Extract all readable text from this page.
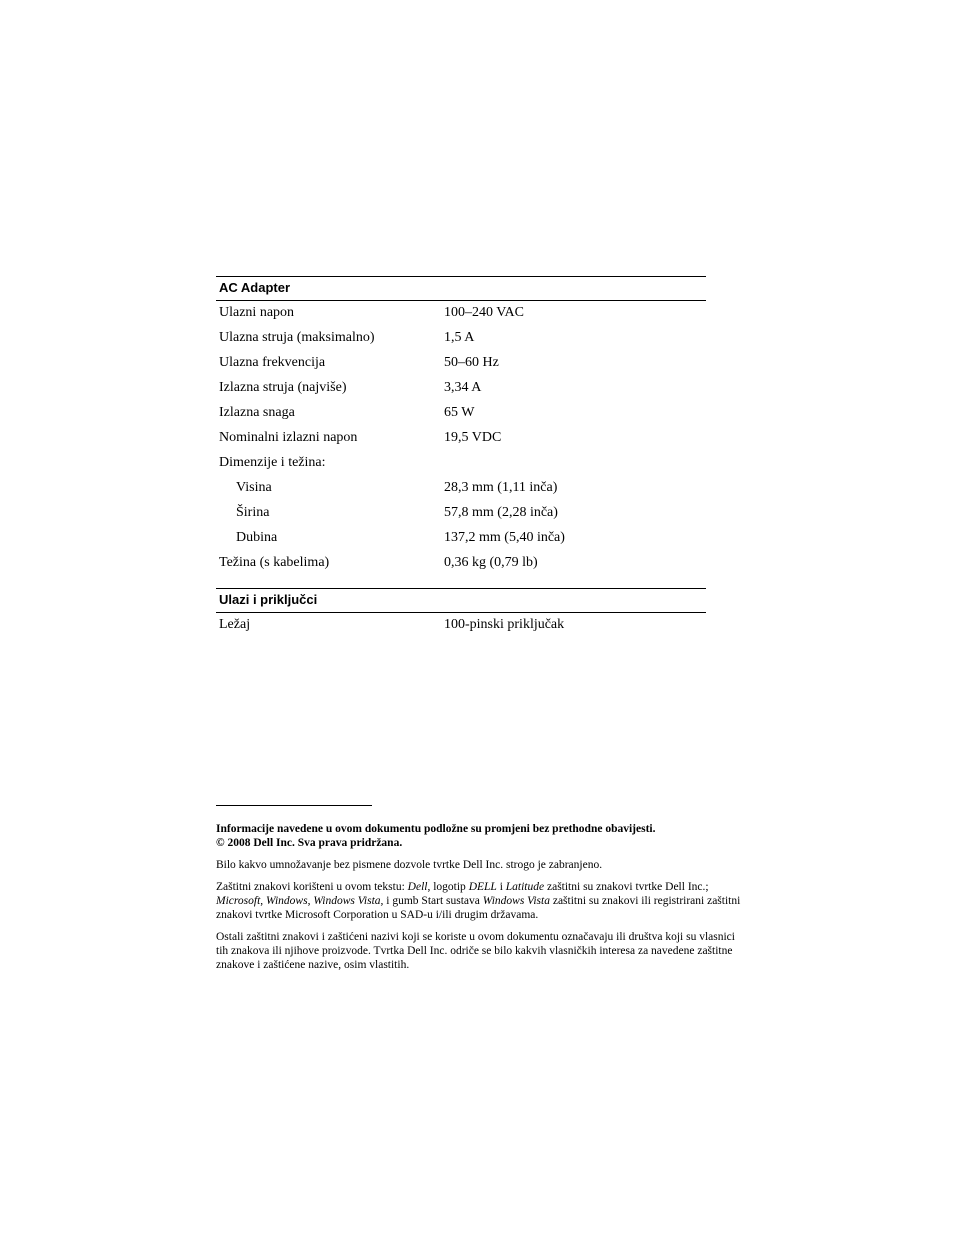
AC Adapter
Ulazni napon	100–240 VAC
Ulazna struja (maksimalno)	1,5 A
Ulazna frekvencija	50–60 Hz
Izlazna struja (najviše)	3,34 A
Izlazna snaga	65 W
Nominalni izlazni napon	19,5 VDC
Dimenzije i težina:
Visina	28,3 mm (1,11 inča)
Širina	57,8 mm (2,28 inča)
Dubina	137,2 mm (5,40 inča)
Težina (s kabelima)	0,36 kg (0,79 lb)
Ulazi i priključci
Ležaj	100-pinski priključak

Informacije navedene u ovom dokumentu podložne su promjeni bez prethodne obavijesti.
© 2008 Dell Inc. Sva prava pridržana.

Bilo kakvo umnožavanje bez pismene dozvole tvrtke Dell Inc. strogo je zabranjeno.

Zaštitni znakovi korišteni u ovom tekstu: Dell, logotip DELL i Latitude zaštitni su znakovi tvrtke Dell Inc.; Microsoft, Windows, Windows Vista, i gumb Start sustava Windows Vista zaštitni su znakovi ili registrirani zaštitni znakovi tvrtke Microsoft Corporation u SAD-u i/ili drugim državama.

Ostali zaštitni znakovi i zaštićeni nazivi koji se koriste u ovom dokumentu označavaju ili društva koji su vlasnici tih znakova ili njihove proizvode. Tvrtka Dell Inc. odriče se bilo kakvih vlasničkih interesa za navedene zaštitne znakove i zaštićene nazive, osim vlastitih.
